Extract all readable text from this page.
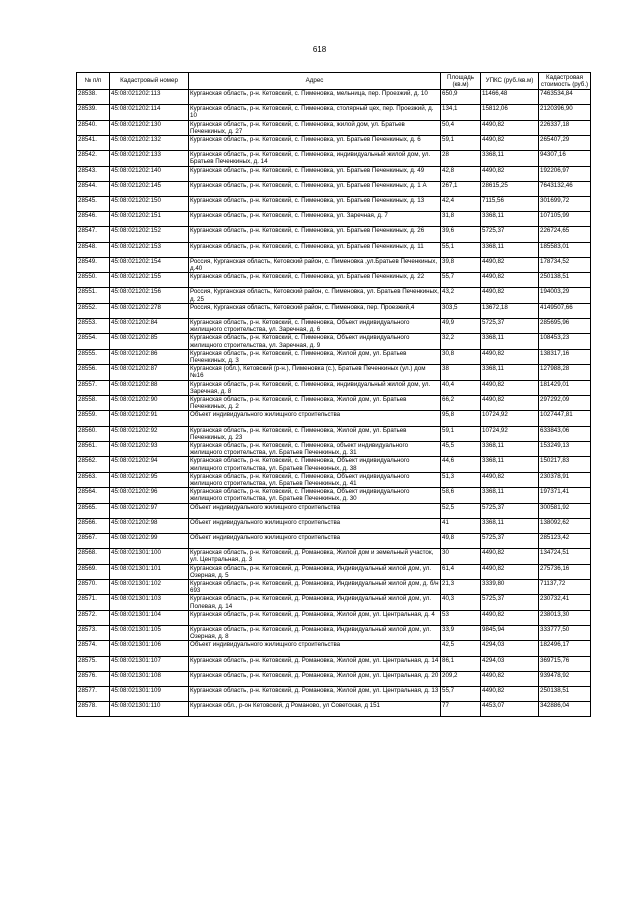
618
№ п/п	Кадастровый номер	Адрес	Площадь (кв.м)	УПКС (руб./кв.м)	Кадастровая стоимость (руб.)
28538.	45:08:021202:113	Курганская область, р-н. Кетовский, с. Пименовка, мельница, пер. Проезжий, д. 10	650,9	11466,48	7463534,84
28539.	45:08:021202:114	Курганская область, р-н. Кетовский, с. Пименовка, столярный цех, пер. Проезжий, д. 10	134,1	15812,06	2120396,90
28540.	45:08:021202:130	Курганская область, р-н. Кетовский, с. Пименовка, жилой дом, ул. Братьев Печенкиных, д. 27	50,4	4490,82	226337,18
28541.	45:08:021202:132	Курганская область, р-н. Кетовский, с. Пименовка, ул. Братьев Печенкиных, д. 6	59,1	4490,82	265407,29
28542.	45:08:021202:133	Курганская область, р-н. Кетовский, с. Пименовка, индивидуальный жилой дом, ул. Братьев Печенкиных, д. 14	28	3368,11	94307,16
28543.	45:08:021202:140	Курганская область, р-н. Кетовский, с. Пименовка, ул. Братьев Печенкиных, д. 49	42,8	4490,82	192206,97
28544.	45:08:021202:145	Курганская область, р-н. Кетовский, с. Пименовка, ул. Братьев Печенкиных, д. 1 А	267,1	28615,25	7643132,46
28545.	45:08:021202:150	Курганская область, р-н. Кетовский, с. Пименовка, ул. Братьев Печенкиных, д. 13	42,4	7115,56	301699,72
28546.	45:08:021202:151	Курганская область, р-н. Кетовский, с. Пименовка, ул. Заречная, д. 7	31,8	3368,11	107105,99
28547.	45:08:021202:152	Курганская область, р-н. Кетовский, с. Пименовка, ул. Братьев Печенкиных, д. 26	39,6	5725,37	226724,65
28548.	45:08:021202:153	Курганская область, р-н. Кетовский, с. Пименовка, ул. Братьев Печенкиных, д. 11	55,1	3368,11	185583,01
28549.	45:08:021202:154	Россия, Курганская область, Кетовский район, с. Пименовка ,ул.Братьев Печенкиных, д.40	39,8	4490,82	178734,52
28550.	45:08:021202:155	Курганская область, р-н. Кетовский, с. Пименовка, ул. Братьев Печенкиных, д. 22	55,7	4490,82	250138,51
28551.	45:08:021202:156	Россия, Курганская область, Кетовский район, с. Пименовка, ул. Братьев Печенкиных, д. 25	43,2	4490,82	194003,29
28552.	45:08:021202:278	Россия, Курганская область, Кетовский район, с. Пименовка, пер. Проезжий,4	303,5	13672,18	4149507,66
28553.	45:08:021202:84	Курганская область, р-н. Кетовский, с. Пименовка, Объект индивидуального жилищного строительства, ул. Заречная, д. 6	49,9	5725,37	285695,96
28554.	45:08:021202:85	Курганская область, р-н. Кетовский, с. Пименовка, Объект индивидуального жилищного строительства, ул. Заречная, д. 9	32,2	3368,11	108453,23
28555.	45:08:021202:86	Курганская область, р-н. Кетовский, с. Пименовка, Жилой дом, ул. Братьев Печенкиных, д. 3	30,8	4490,82	138317,16
28556.	45:08:021202:87	Курганская (обл.), Кетовский (р-н.), Пименовка (с.), Братьев Печенкиных (ул.) дом №16	38	3368,11	127988,28
28557.	45:08:021202:88	Курганская область, р-н. Кетовский, с. Пименовка, индивидуальный жилой дом, ул. Заречная, д. 8	40,4	4490,82	181429,01
28558.	45:08:021202:90	Курганская область, р-н. Кетовский, с. Пименовка, Жилой дом, ул. Братьев Печенкиных, д. 2	66,2	4490,82	297292,09
28559.	45:08:021202:91	Объект индивидуального жилищного строительства	95,8	10724,92	1027447,81
28560.	45:08:021202:92	Курганская область, р-н. Кетовский, с. Пименовка, Жилой дом, ул. Братьев Печенкиных, д. 23	59,1	10724,92	633843,06
28561.	45:08:021202:93	Курганская область, р-н. Кетовский, с. Пименовка, объект индивидуального жилищного строительства, ул. Братьев Печенкиных, д. 31	45,5	3368,11	153249,13
28562.	45:08:021202:94	Курганская область, р-н. Кетовский, с. Пименовка, Объект индивидуального жилищного строительства, ул. Братьев Печенкиных, д. 38	44,6	3368,11	150217,83
28563.	45:08:021202:95	Курганская область, р-н. Кетовский, с. Пименовка, Объект индивидуального жилищного строительства, ул. Братьев Печенкиных, д. 41	51,3	4490,82	230378,91
28564.	45:08:021202:96	Курганская область, р-н. Кетовский, с. Пименовка, Объект индивидуального жилищного строительства, ул. Братьев Печенкиных, д. 30	58,6	3368,11	197371,41
28565.	45:08:021202:97	Объект индивидуального жилищного строительства	52,5	5725,37	300581,92
28566.	45:08:021202:98	Объект индивидуального жилищного строительства	41	3368,11	138092,62
28567.	45:08:021202:99	Объект индивидуального жилищного строительства	49,8	5725,37	285123,42
28568.	45:08:021301:100	Курганская область, р-н. Кетовский, д. Романовка, Жилой дом и земельный участок, ул. Центральная, д. 3	30	4490,82	134724,51
28569.	45:08:021301:101	Курганская область, р-н. Кетовский, д. Романовка, Индивидуальный жилой дом, ул. Озерная, д. 5	61,4	4490,82	275736,16
28570.	45:08:021301:102	Курганская область, р-н. Кетовский, д. Романовка, Индивидуальный жилой дом, д. б/н 693	21,3	3339,80	71137,72
28571.	45:08:021301:103	Курганская область, р-н. Кетовский, д. Романовка, Индивидуальный жилой дом, ул. Полевая, д. 14	40,3	5725,37	230732,41
28572.	45:08:021301:104	Курганская область, р-н. Кетовский, д. Романовка, Жилой дом, ул. Центральная, д. 4	53	4490,82	238013,30
28573.	45:08:021301:105	Курганская область, р-н. Кетовский, д. Романовка, Индивидуальный жилой дом, ул. Озерная, д. 8	33,9	9845,94	333777,50
28574.	45:08:021301:106	Объект индивидуального жилищного строительства	42,5	4294,03	182496,17
28575.	45:08:021301:107	Курганская область, р-н. Кетовский, д. Романовка, Жилой дом, ул. Центральная, д. 14	86,1	4294,03	369715,76
28576.	45:08:021301:108	Курганская область, р-н. Кетовский, д. Романовка, Жилой дом, ул. Центральная, д. 20	209,2	4490,82	939478,92
28577.	45:08:021301:109	Курганская область, р-н. Кетовский, д. Романовка, Жилой дом, ул. Центральная, д. 13	55,7	4490,82	250138,51
28578.	45:08:021301:110	Курганская обл., р-он Кетовский, д Романово, ул Советская, д 151	77	4453,07	342886,04
